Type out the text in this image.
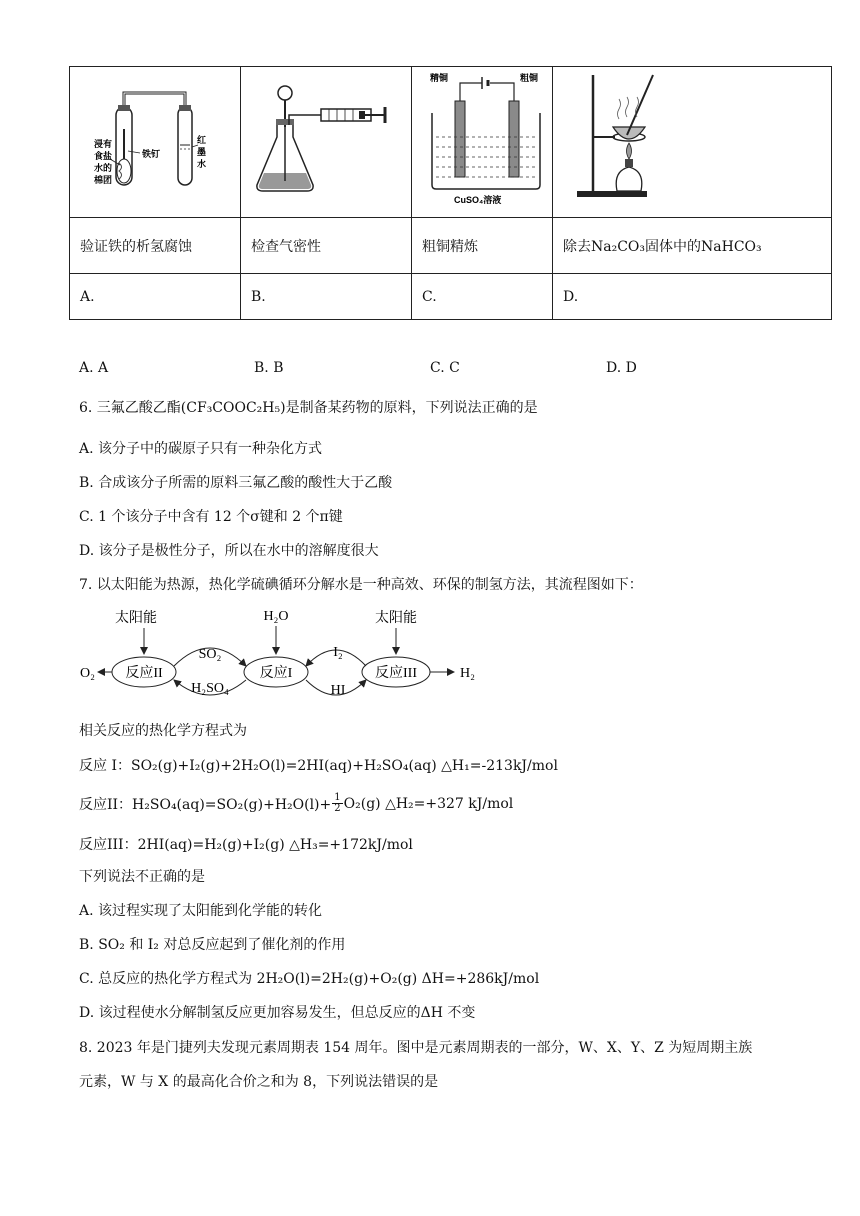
浸有食盐水的棉团
铁钉
红墨水		精铜 粗铜
CuSO₄溶液

验证铁的析氢腐蚀	检查气密性	粗铜精炼	除去Na₂CO₃固体中的NaHCO₃
A.	B.	C.	D.
A. A	B. B	C. C	D. D
6. 三氟乙酸乙酯(CF₃COOC₂H₅)是制备某药物的原料，下列说法正确的是
A. 该分子中的碳原子只有一种杂化方式
B. 合成该分子所需的原料三氟乙酸的酸性大于乙酸
C. 1 个该分子中含有 12 个σ键和 2 个π键
D. 该分子是极性分子，所以在水中的溶解度很大
7. 以太阳能为热源，热化学硫碘循环分解水是一种高效、环保的制氢方法，其流程图如下：
太阳能	H₂O	太阳能
反应II	反应I	反应III
O₂	H₂
SO₂
H₂SO₄
I₂
HI
相关反应的热化学方程式为
反应 I：SO₂(g)+I₂(g)+2H₂O(l)=2HI(aq)+H₂SO₄(aq) △H₁=-213kJ/mol
反应II：$H_2SO_4(aq)=SO_2(g)+H_2O(l)+ \frac{1}{2} O_2(g)$ △H₂=+327 kJ/mol
反应III：2HI(aq)=H₂(g)+I₂(g) △H₃=+172kJ/mol
下列说法不正确的是
A. 该过程实现了太阳能到化学能的转化
B. SO₂ 和 I₂ 对总反应起到了催化剂的作用
C. 总反应的热化学方程式为 2H₂O(l)=2H₂(g)+O₂(g) ΔH=+286kJ/mol
D. 该过程使水分解制氢反应更加容易发生，但总反应的ΔH 不变
8. 2023 年是门捷列夫发现元素周期表 154 周年。图中是元素周期表的一部分，W、X、Y、Z 为短周期主族
元素，W 与 X 的最高化合价之和为 8，下列说法错误的是
